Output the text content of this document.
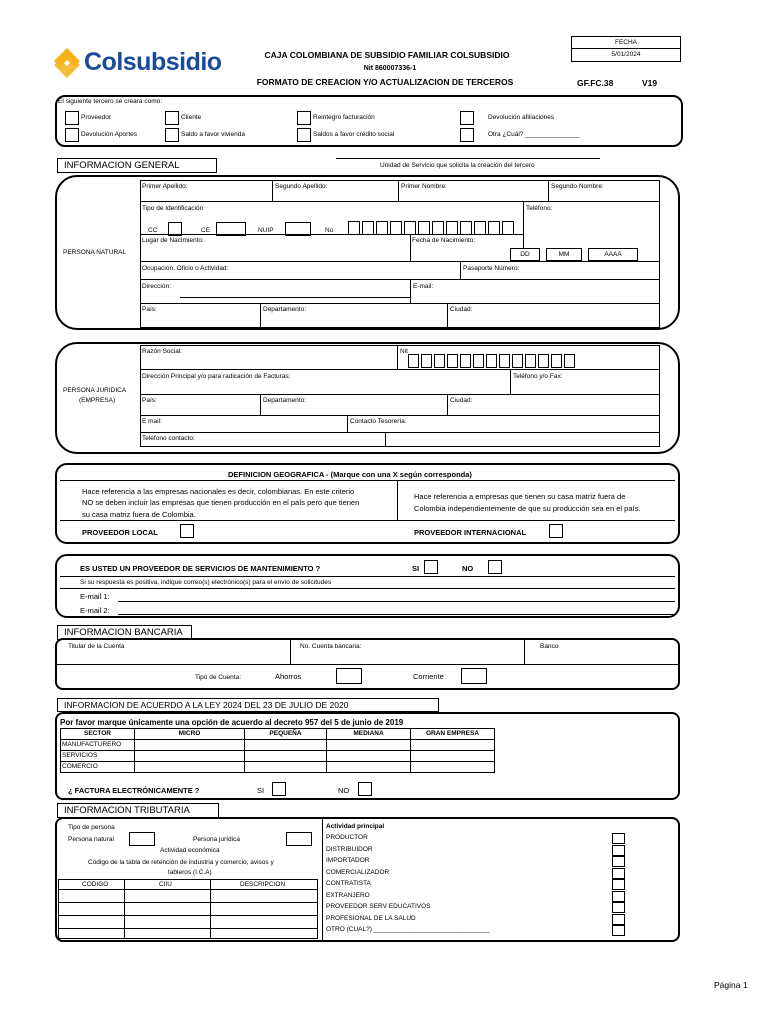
Colsubsidio	CAJA COLOMBIANA DE SUBSIDIO FAMILIAR COLSUBSIDIO
Nit 860007336-1
FORMATO DE CREACION Y/O ACTUALIZACION DE TERCEROS
FECHA
5/01/2024
GF.FC.38	V19
El siguiente tercero se creara como:
Proveedor	Cliente	Reintegro facturación	Devolución afiliaciones
Devolución Aportes	Saldo a favor vivienda	Saldos a favor crédito social	Otra ¿Cuál? _______________
INFORMACION GENERAL	Unidad de Servicio que solicita la creación del tercero
PERSONA NATURAL
Primer Apellido:	Segundo Apellido:	Primer Nombre:	Segundo Nombre:
Tipo de Identificación	Teléfono:
CC	CE	NUIP	No
Lugar de Nacimiento:	Fecha de Nacimiento:
DD	MM	AAAA
Ocupación, Oficio o Actividad:	Pasaporte Número:
Dirección:	E-mail:
País:	Departamento:	Ciudad:
PERSONA JURIDICA
(EMPRESA)
Razón Social:	Nit
Dirección Principal y/o para radicación de Facturas:	Teléfono y/o Fax:
País:	Departamento:	Ciudad:
E mail:	Contacto Tesorería:
Teléfono contacto:
DEFINICION GEOGRAFICA - (Marque con una X según corresponda)
Hace referencia a las empresas nacionales es decir, colombianas. En este criterio
NO se deben incluir las empresas que tienen producción en el país pero que tienen
su casa matriz fuera de Colombia.
Hace referencia a empresas que tienen su casa matriz fuera de
Colombia independientemente de que su producción sea en el país.
PROVEEDOR LOCAL	PROVEEDOR INTERNACIONAL
ES USTED UN PROVEEDOR DE SERVICIOS DE MANTENIMIENTO ?	SI	NO
Si su respuesta es positiva, indique correo(s) electrónico(s) para el envío de solicitudes
E-mail 1:
E-mail 2:
INFORMACION BANCARIA
Titular de la Cuenta	No. Cuenta bancaria:	Banco
Tipo de Cuenta:	Ahorros	Corriente
INFORMACION DE ACUERDO A LA LEY 2024 DEL 23 DE JULIO DE 2020
Por favor marque únicamente una opción de acuerdo al decreto 957 del 5 de junio de 2019
SECTOR	MICRO	PEQUEÑA	MEDIANA	GRAN EMPRESA
MANUFACTURERO
SERVICIOS
COMERCIO
¿ FACTURA ELECTRÓNICAMENTE ?	SI	NO
INFORMACION TRIBUTARIA
Tipo de persona
Persona natural	Persona jurídica
Actividad económica
Código de la tabla de retención de industria y comercio, avisos y
tableros (I.C.A)
CODIGO	CIIU	DESCRIPCION
Actividad principal
PRODUCTOR
DISTRIBUIDOR
IMPORTADOR
COMERCIALIZADOR
CONTRATISTA
EXTRANJERO
PROVEEDOR SERV EDUCATIVOS
PROFESIONAL DE LA SALUD
OTRO (CUAL?) ________________________________
Página 1
